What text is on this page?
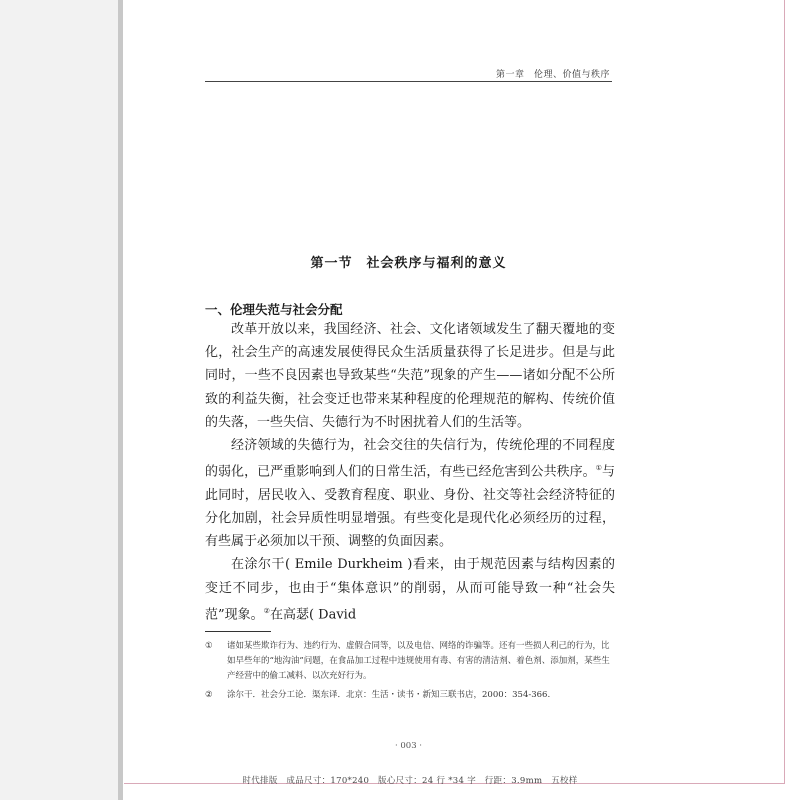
第一章　伦理、价值与秩序
第一节　社会秩序与福利的意义
一、伦理失范与社会分配

改革开放以来，我国经济、社会、文化诸领域发生了翻天覆地的变化，社会生产的高速发展使得民众生活质量获得了长足进步。但是与此同时，一些不良因素也导致某些“失范”现象的产生——诸如分配不公所致的利益失衡，社会变迁也带来某种程度的伦理规范的解构、传统价值的失落，一些失信、失德行为不时困扰着人们的生活等。

经济领域的失德行为，社会交往的失信行为，传统伦理的不同程度的弱化，已严重影响到人们的日常生活，有些已经危害到公共秩序。①与此同时，居民收入、受教育程度、职业、身份、社交等社会经济特征的分化加剧，社会异质性明显增强。有些变化是现代化必须经历的过程，有些属于必须加以干预、调整的负面因素。

在涂尔干( Emile Durkheim )看来，由于规范因素与结构因素的变迁不同步，也由于“集体意识”的削弱，从而可能导致一种“社会失范”现象。②在高瑟( David

①	诸如某些欺诈行为、违约行为、虚假合同等，以及电信、网络的诈骗等。还有一些损人利己的行为，比如早些年的“地沟油”问题，在食品加工过程中违规使用有毒、有害的清洁剂、着色剂、添加剂，某些生产经营中的偷工减料、以次充好行为。
②	涂尔干．社会分工论．渠东译．北京：生活・读书・新知三联书店，2000：354-366.
· 003 ·
时代排版　成品尺寸：170*240　版心尺寸：24 行 *34 字　行距：3.9mm　五校样
